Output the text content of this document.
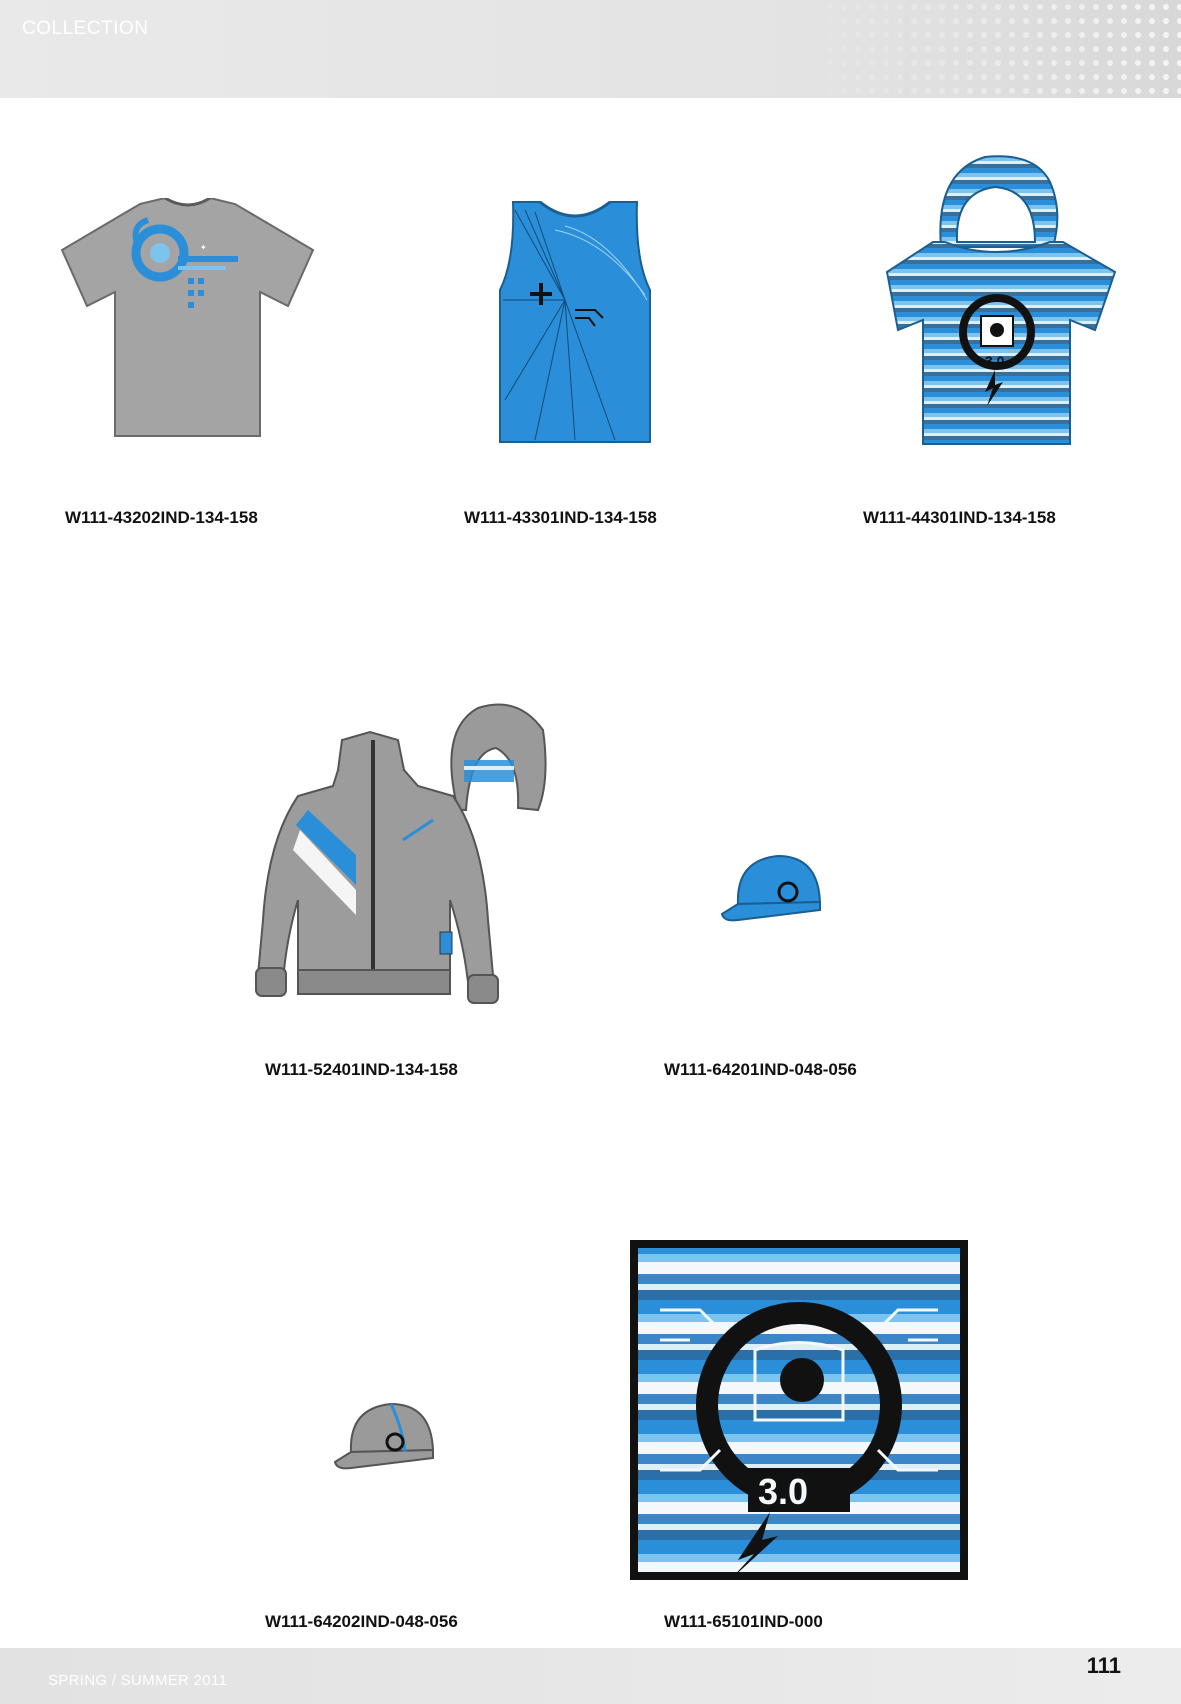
COLLECTION
✦
W111-43202IND-134-158	W111-43301IND-134-158
3.0
W111-44301IND-134-158
W111-52401IND-134-158	W111-64201IND-048-056
W111-64202IND-048-056
3.0
W111-65101IND-000
SPRING / SUMMER 2011
111
